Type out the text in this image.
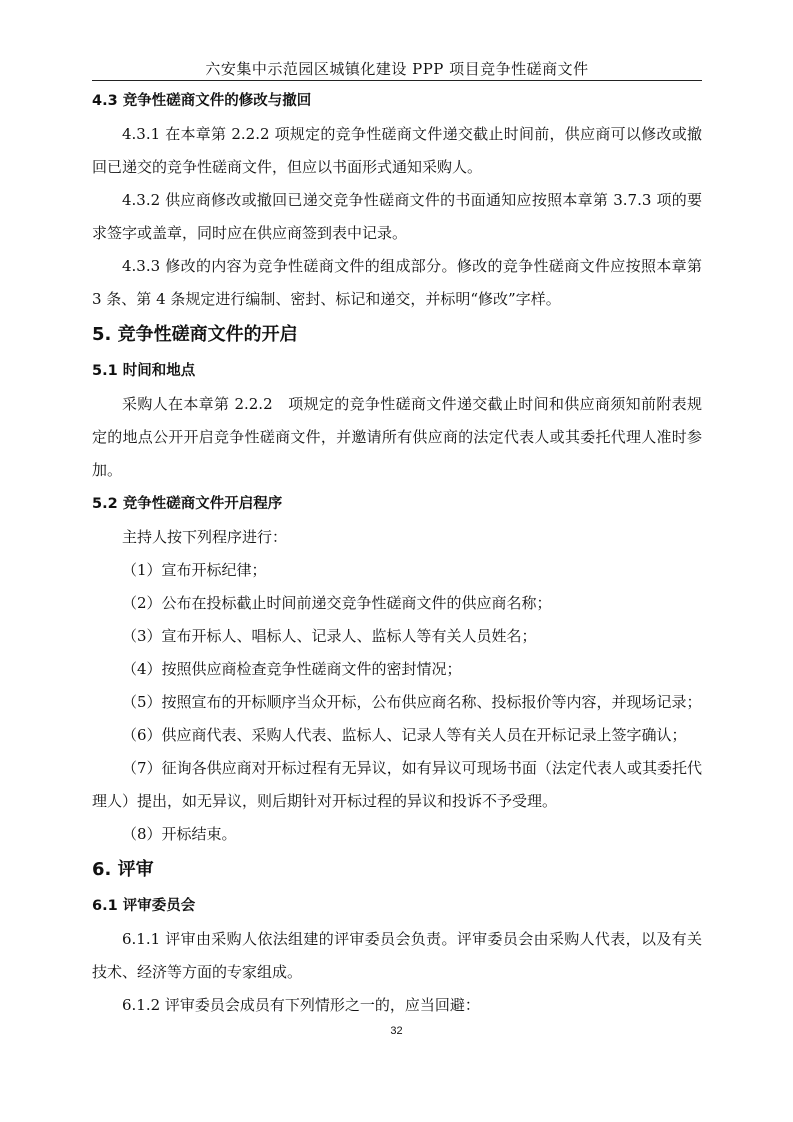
六安集中示范园区城镇化建设 PPP 项目竞争性磋商文件
4.3 竞争性磋商文件的修改与撤回
4.3.1 在本章第 2.2.2 项规定的竞争性磋商文件递交截止时间前，供应商可以修改或撤回已递交的竞争性磋商文件，但应以书面形式通知采购人。
4.3.2 供应商修改或撤回已递交竞争性磋商文件的书面通知应按照本章第 3.7.3 项的要求签字或盖章，同时应在供应商签到表中记录。
4.3.3 修改的内容为竞争性磋商文件的组成部分。修改的竞争性磋商文件应按照本章第 3 条、第 4 条规定进行编制、密封、标记和递交，并标明“修改”字样。
5. 竞争性磋商文件的开启
5.1 时间和地点
采购人在本章第 2.2.2　项规定的竞争性磋商文件递交截止时间和供应商须知前附表规定的地点公开开启竞争性磋商文件，并邀请所有供应商的法定代表人或其委托代理人准时参加。
5.2 竞争性磋商文件开启程序
主持人按下列程序进行：
（1）宣布开标纪律；
（2）公布在投标截止时间前递交竞争性磋商文件的供应商名称；
（3）宣布开标人、唱标人、记录人、监标人等有关人员姓名；
（4）按照供应商检查竞争性磋商文件的密封情况；
（5）按照宣布的开标顺序当众开标，公布供应商名称、投标报价等内容，并现场记录；
（6）供应商代表、采购人代表、监标人、记录人等有关人员在开标记录上签字确认；
（7）征询各供应商对开标过程有无异议，如有异议可现场书面（法定代表人或其委托代理人）提出，如无异议，则后期针对开标过程的异议和投诉不予受理。
（8）开标结束。
6. 评审
6.1 评审委员会
6.1.1 评审由采购人依法组建的评审委员会负责。评审委员会由采购人代表，以及有关技术、经济等方面的专家组成。
6.1.2 评审委员会成员有下列情形之一的，应当回避：
32
